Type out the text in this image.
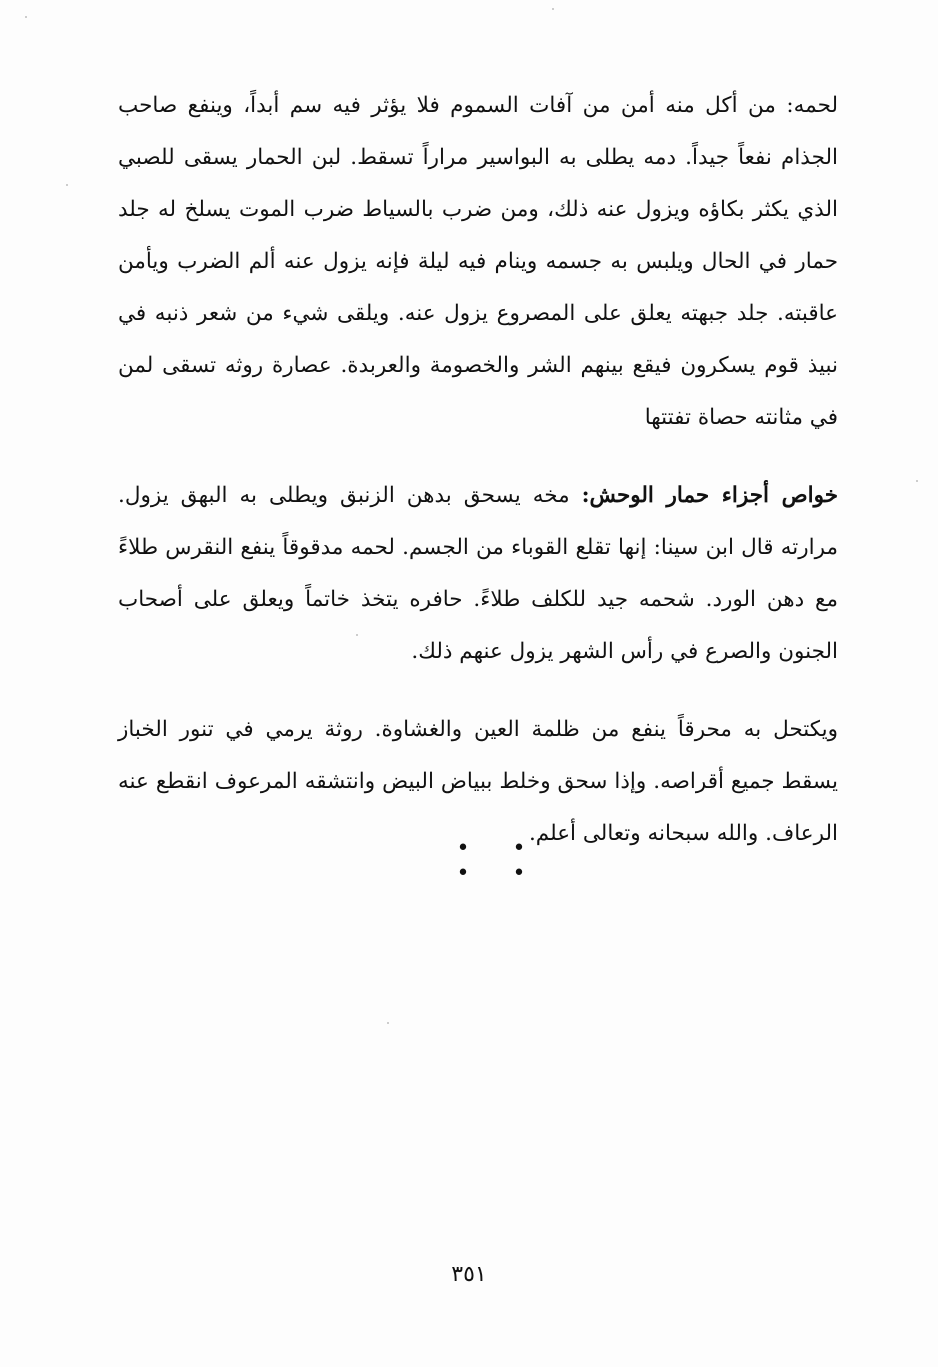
لحمه: من أكل منه أمن من آفات السموم فلا يؤثر فيه سم أبداً، وينفع صاحب الجذام نفعاً جيداً. دمه يطلى به البواسير مراراً تسقط. لبن الحمار يسقى للصبي الذي يكثر بكاؤه ويزول عنه ذلك، ومن ضرب بالسياط ضرب الموت يسلخ له جلد حمار في الحال ويلبس به جسمه وينام فيه ليلة فإنه يزول عنه ألم الضرب ويأمن عاقبته. جلد جبهته يعلق على المصروع يزول عنه. ويلقى شيء من شعر ذنبه في نبيذ قوم يسكرون فيقع بينهم الشر والخصومة والعربدة. عصارة روثه تسقى لمن في مثانته حصاة تفتتها

خواص أجزاء حمار الوحش: مخه يسحق بدهن الزنبق ويطلى به البهق يزول. مرارته قال ابن سينا: إنها تقلع القوباء من الجسم. لحمه مدقوقاً ينفع النقرس طلاءً مع دهن الورد. شحمه جيد للكلف طلاءً. حافره يتخذ خاتماً ويعلق على أصحاب الجنون والصرع في رأس الشهر يزول عنهم ذلك.

ويكتحل به محرقاً ينفع من ظلمة العين والغشاوة. روثة يرمي في تنور الخباز يسقط جميع أقراصه. وإذا سحق وخلط ببياض البيض وانتشقه المرعوف انقطع عنه الرعاف. والله سبحانه وتعالى أعلم.

• • • •
٣٥١
